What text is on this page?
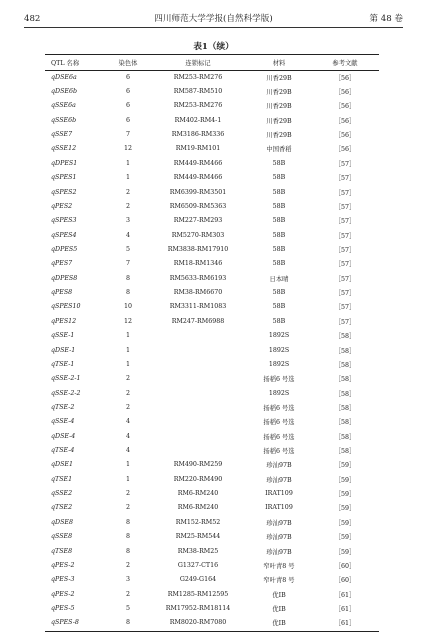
482	四川师范大学学报(自然科学版)	第 48 卷
表1（续）
QTL 名称	染色体	连锁标记	材料	参考文献
qDSE6a	6	RM253-RM276	川香29B	［56］
qDSE6b	6	RM587-RM510	川香29B	［56］
qSSE6a	6	RM253-RM276	川香29B	［56］
qSSE6b	6	RM402-RM4-1	川香29B	［56］
qSSE7	7	RM3186-RM336	川香29B	［56］
qSSE12	12	RM19-RM101	中国香稻	［56］
qDPES1	1	RM449-RM466	58B	［57］
qSPES1	1	RM449-RM466	58B	［57］
qSPES2	2	RM6399-RM3501	58B	［57］
qPES2	2	RM6509-RM5363	58B	［57］
qSPES3	3	RM227-RM293	58B	［57］
qSPES4	4	RM5270-RM303	58B	［57］
qDPES5	5	RM3838-RM17910	58B	［57］
qPES7	7	RM18-RM1346	58B	［57］
qDPES8	8	RM5633-RM6193	日本晴	［57］
qPES8	8	RM38-RM6670	58B	［57］
qSPES10	10	RM3311-RM1083	58B	［57］
qPES12	12	RM247-RM6988	58B	［57］
qSSE-1	1		1892S	［58］
qDSE-1	1		1892S	［58］
qTSE-1	1		1892S	［58］
qSSE-2-1	2		扬稻6 号选	［58］
qSSE-2-2	2		1892S	［58］
qTSE-2	2		扬稻6 号选	［58］
qSSE-4	4		扬稻6 号选	［58］
qDSE-4	4		扬稻6 号选	［58］
qTSE-4	4		扬稻6 号选	［58］
qDSE1	1	RM490-RM259	珍汕97B	［59］
qTSE1	1	RM220-RM490	珍汕97B	［59］
qSSE2	2	RM6-RM240	IRAT109	［59］
qTSE2	2	RM6-RM240	IRAT109	［59］
qDSE8	8	RM152-RM52	珍汕97B	［59］
qSSE8	8	RM25-RM544	珍汕97B	［59］
qTSE8	8	RM38-RM25	珍汕97B	［59］
qPES-2	2	G1327-CT16	窄叶青8 号	［60］
qPES-3	3	G249-G164	窄叶青8 号	［60］
qPES-2	2	RM1285-RM12595	优ⅠB	［61］
qPES-5	5	RM17952-RM18114	优ⅠB	［61］
qSPES-8	8	RM8020-RM7080	优ⅠB	［61］
